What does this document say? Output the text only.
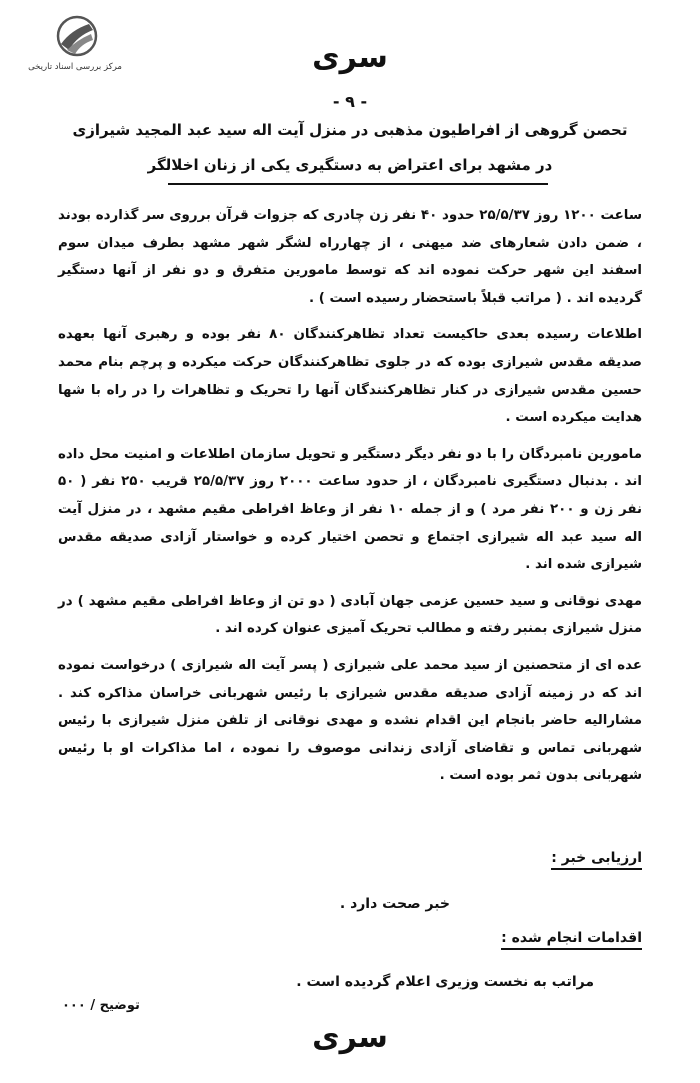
مرکز بررسی اسناد تاریخی	سری
- ۹ -
تحصن گروهی از افراطیون مذهبی در منزل آیت اله سید عبد المجید شیرازی
در مشهد برای اعتراض به دستگیری یکی از زنان اخلالگر

ساعت ۱۲۰۰ روز ۲۵/۵/۳۷ حدود ۴۰ نفر زن چادری که جزوات قرآن برروی سر گذارده بودند ، ضمن دادن شعارهای ضد میهنی ، از چهارراه لشگر شهر مشهد بطرف میدان سوم اسفند این شهر حرکت نموده اند که توسط مامورین متفرق و دو نفر از آنها دستگیر گردیده اند . ( مراتب قبلاً باستحضار رسیده است ) .

اطلاعات رسیده بعدی حاکیست تعداد تظاهرکنندگان ۸۰ نفر بوده و رهبری آنها بعهده صدیقه مقدس شیرازی بوده که در جلوی تظاهرکنندگان حرکت میکرده و پرچم بنام محمد حسین مقدس شیرازی در کنار تظاهرکنندگان آنها را تحریک و تظاهرات را در راه با شها هدایت میکرده است .

مامورین نامبردگان را با دو نفر دیگر دستگیر و تحویل سازمان اطلاعات و امنیت محل داده اند . بدنبال دستگیری نامبردگان ، از حدود ساعت ۲۰۰۰ روز ۲۵/۵/۳۷ قریب ۲۵۰ نفر ( ۵۰ نفر زن و ۲۰۰ نفر مرد ) و از جمله ۱۰ نفر از وعاظ افراطی مقیم مشهد ، در منزل آیت اله سید عبد اله شیرازی اجتماع و تحصن اختیار کرده و خواستار آزادی صدیقه مقدس شیرازی شده اند .

مهدی نوقانی و سید حسین عزمی جهان آبادی ( دو تن از وعاظ افراطی مقیم مشهد ) در منزل شیرازی بمنبر رفته و مطالب تحریک آمیزی عنوان کرده اند .

عده ای از متحصنین از سید محمد علی شیرازی ( پسر آیت اله شیرازی ) درخواست نموده اند که در زمینه آزادی صدیقه مقدس شیرازی با رئیس شهربانی خراسان مذاکره کند . مشارالیه حاضر بانجام این اقدام نشده و مهدی نوقانی از تلفن منزل شیرازی با رئیس شهربانی تماس و تقاضای آزادی زندانی موصوف را نموده ، اما مذاکرات او با رئیس شهربانی بدون ثمر بوده است .

ارزیابی خبر :
خبر صحت دارد .
اقدامات انجام شده :
مراتب به نخست وزیری اعلام گردیده است .
توضیح / ۰۰۰
سری
